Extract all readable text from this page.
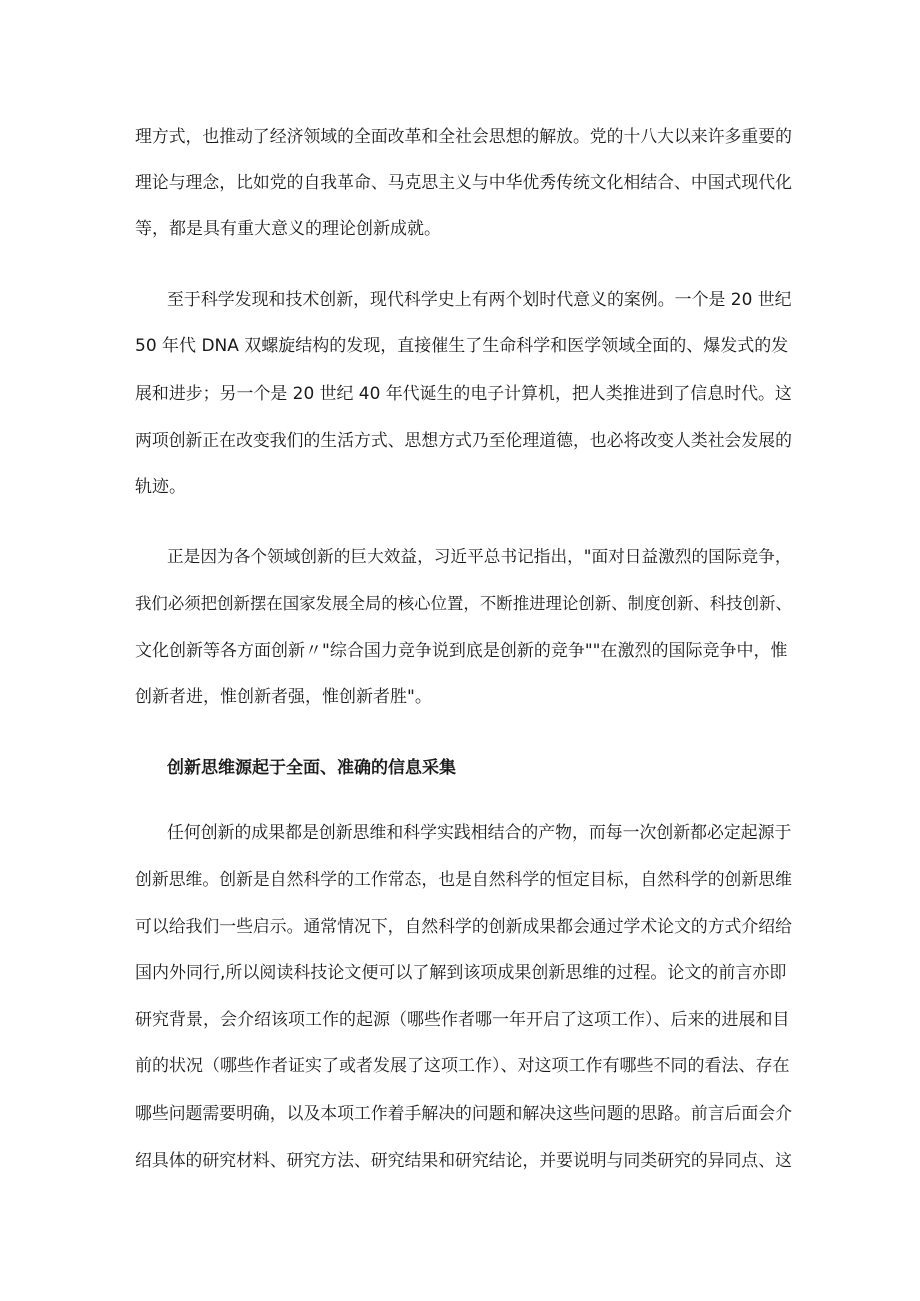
理方式，也推动了经济领域的全面改革和全社会思想的解放。党的十八大以来许多重要的
理论与理念，比如党的自我革命、马克思主义与中华优秀传统文化相结合、中国式现代化
等，都是具有重大意义的理论创新成就。
至于科学发现和技术创新，现代科学史上有两个划时代意义的案例。一个是 20 世纪
50 年代 DNA 双螺旋结构的发现，直接催生了生命科学和医学领域全面的、爆发式的发
展和进步；另一个是 20 世纪 40 年代诞生的电子计算机，把人类推进到了信息时代。这
两项创新正在改变我们的生活方式、思想方式乃至伦理道德，也必将改变人类社会发展的
轨迹。
正是因为各个领域创新的巨大效益，习近平总书记指出，"面对日益激烈的国际竞争，
我们必须把创新摆在国家发展全局的核心位置，不断推进理论创新、制度创新、科技创新、
文化创新等各方面创新〃"综合国力竞争说到底是创新的竞争""在激烈的国际竞争中，惟
创新者进，惟创新者强，惟创新者胜"。
创新思维源起于全面、准确的信息采集
任何创新的成果都是创新思维和科学实践相结合的产物，而每一次创新都必定起源于
创新思维。创新是自然科学的工作常态，也是自然科学的恒定目标，自然科学的创新思维
可以给我们一些启示。通常情况下，自然科学的创新成果都会通过学术论文的方式介绍给
国内外同行,所以阅读科技论文便可以了解到该项成果创新思维的过程。论文的前言亦即
研究背景，会介绍该项工作的起源（哪些作者哪一年开启了这项工作）、后来的进展和目
前的状况（哪些作者证实了或者发展了这项工作）、对这项工作有哪些不同的看法、存在
哪些问题需要明确，以及本项工作着手解决的问题和解决这些问题的思路。前言后面会介
绍具体的研究材料、研究方法、研究结果和研究结论，并要说明与同类研究的异同点、这
